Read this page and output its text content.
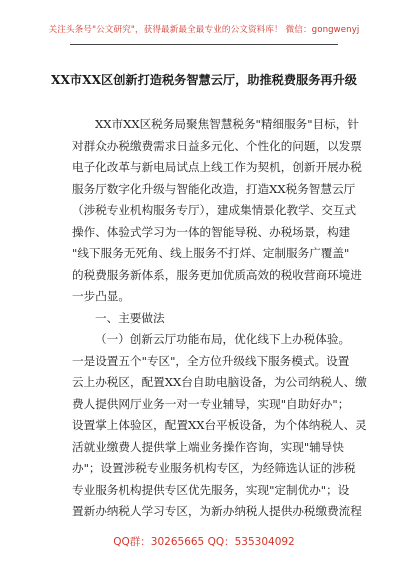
关注头条号"公文研究"，获得最新最全最专业的公文资料库！ 微信：gongwenyj
XX市XX区创新打造税务智慧云厅，助推税费服务再升级
XX市XX区税务局聚焦智慧税务"精细服务"目标，针
对群众办税缴费需求日益多元化、个性化的问题，以发票
电子化改革与新电局试点上线工作为契机，创新开展办税
服务厅数字化升级与智能化改造，打造XX税务智慧云厅
（涉税专业机构服务专厅），建成集情景化教学、交互式
操作、体验式学习为一体的智能导税、办税场景，构建
"线下服务无死角、线上服务不打烊、定制服务广覆盖"
的税费服务新体系，服务更加优质高效的税收营商环境进
一步凸显。
一、主要做法
（一）创新云厅功能布局，优化线下上办税体验。
一是设置五个"专区"，全方位升级线下服务模式。设置
云上办税区，配置XX台自助电脑设备，为公司纳税人、缴
费人提供网厅业务一对一专业辅导，实现"自助好办"；
设置掌上体验区，配置XX台平板设备，为个体纳税人、灵
活就业缴费人提供掌上端业务操作咨询，实现"辅导快
办"；设置涉税专业服务机构专区，为经筛选认证的涉税
专业服务机构提供专区优先服务，实现"定制优办"；设
置新办纳税人学习专区，为新办纳税人提供办税缴费流程
QQ群：30265665 QQ：535304092
